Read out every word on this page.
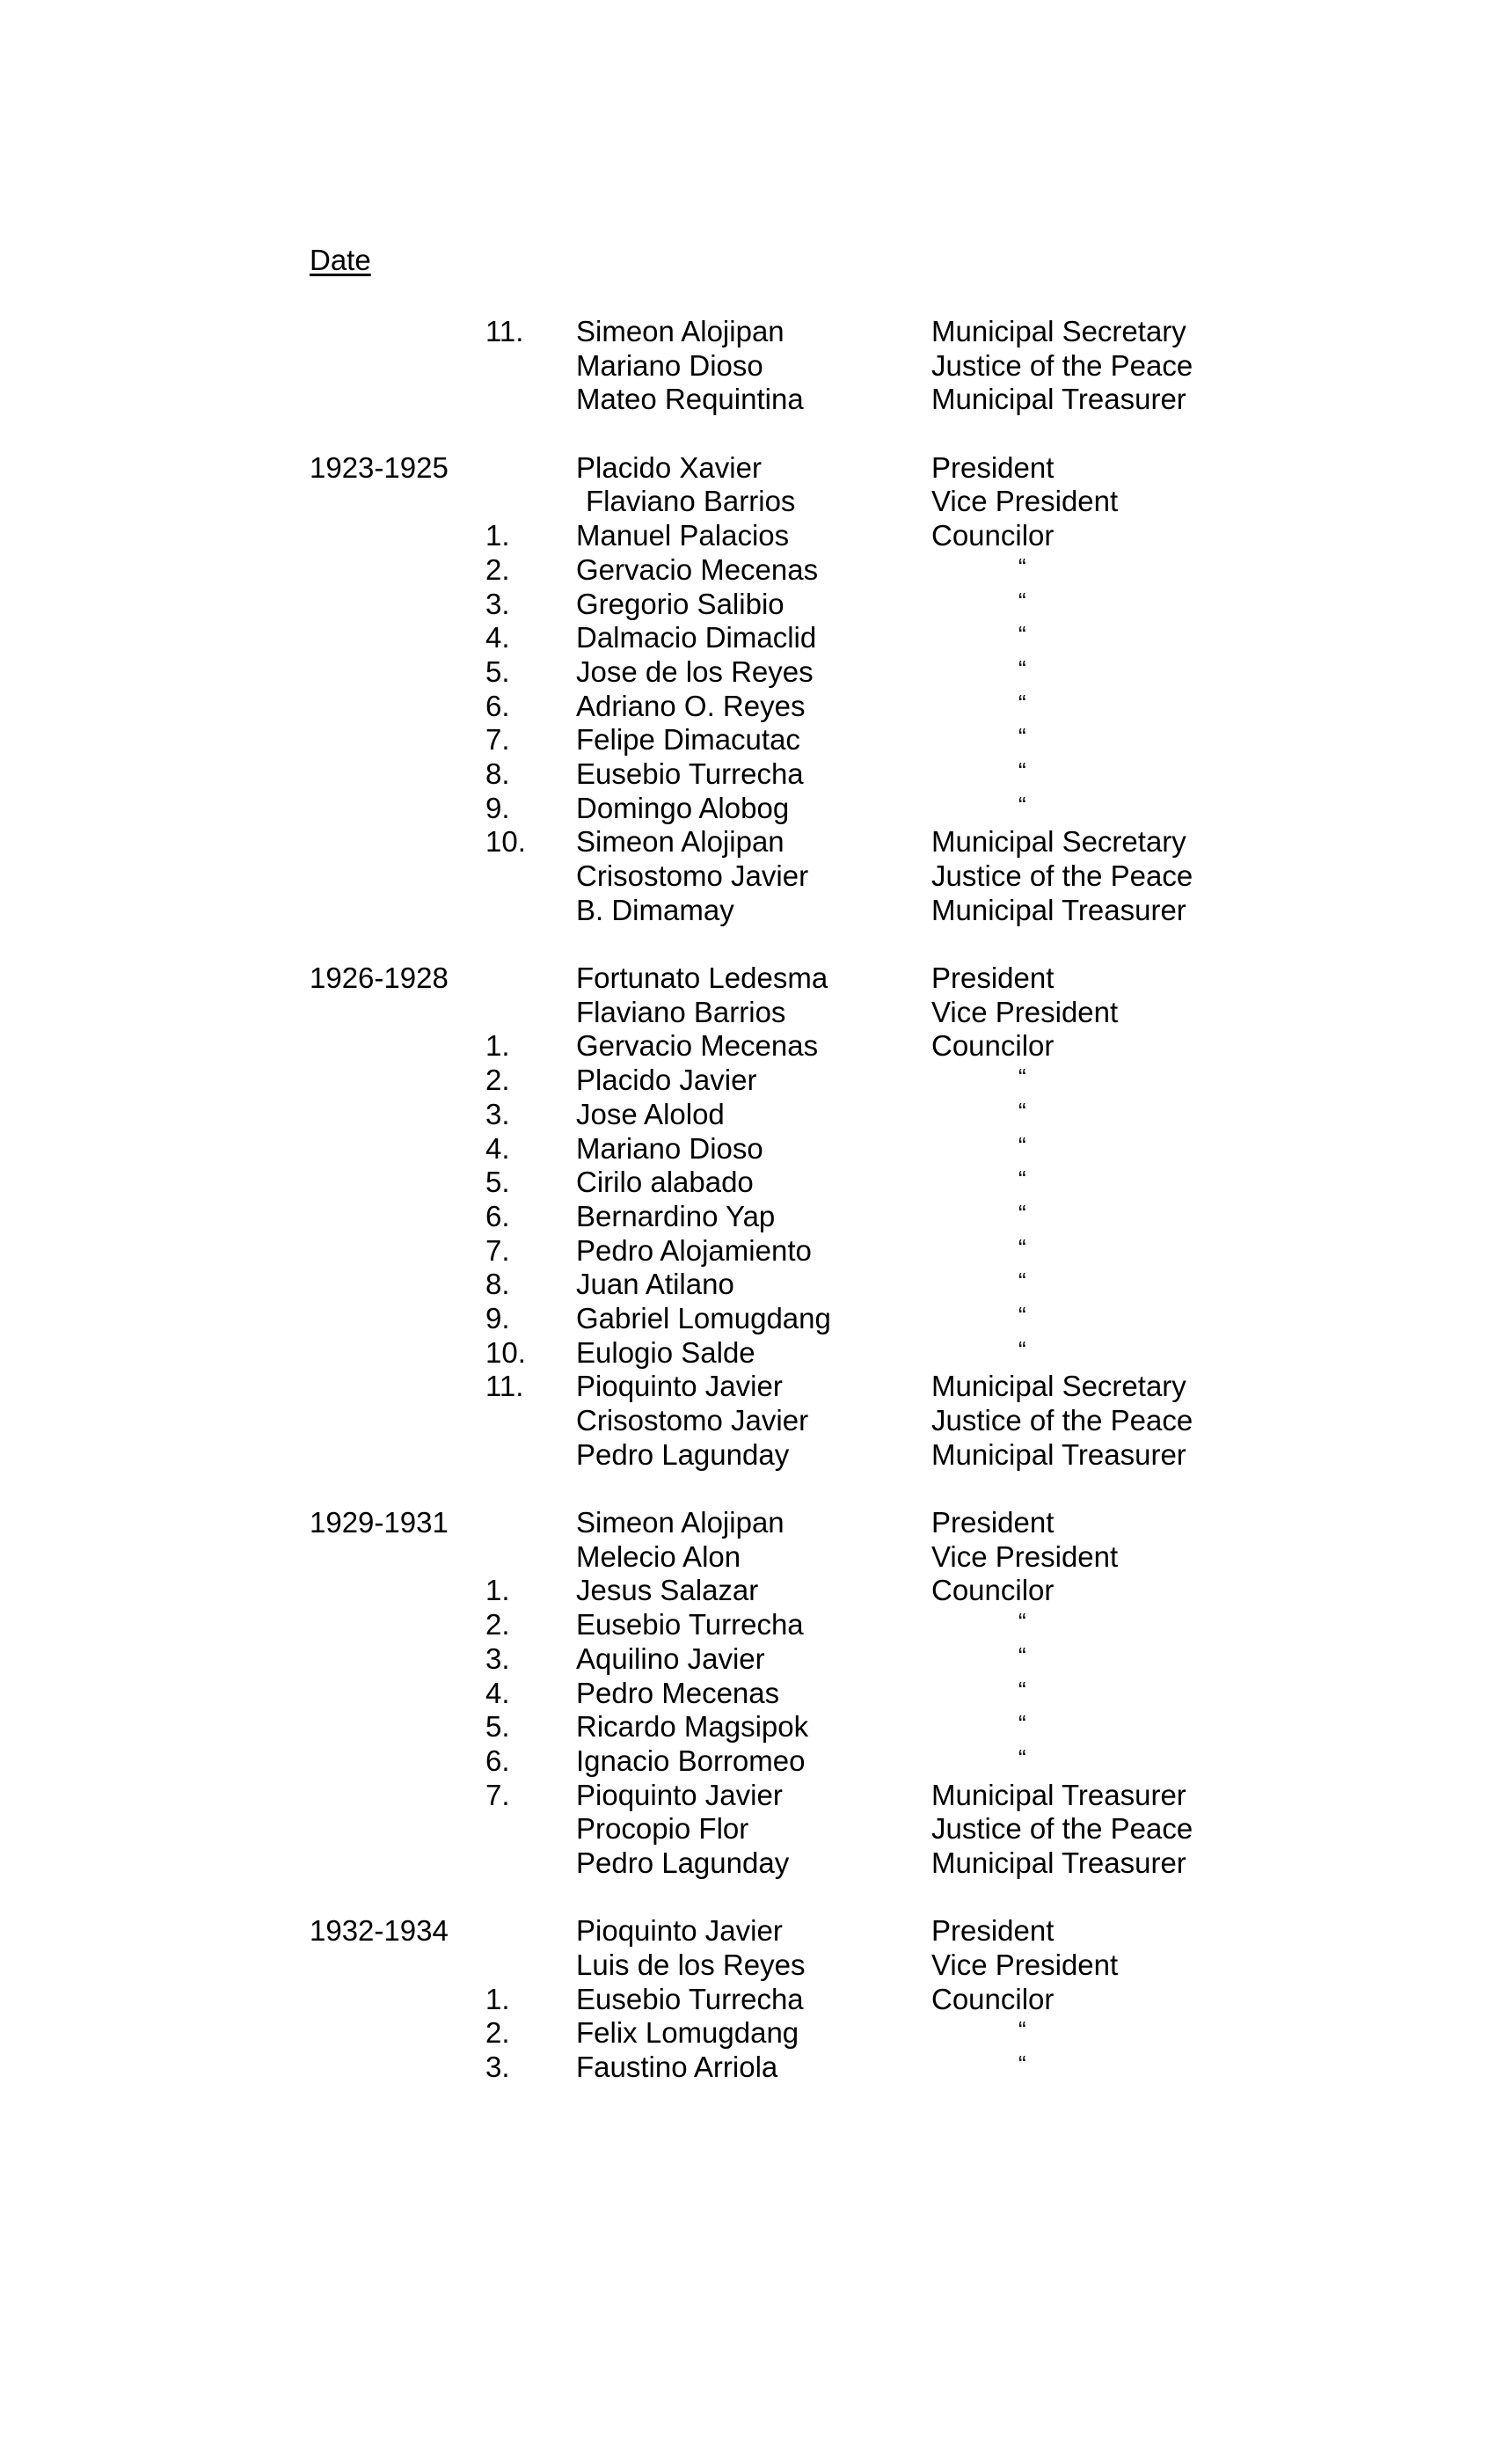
Date
11. Simeon Alojipan	Municipal Secretary
Mariano Dioso	Justice of the Peace
Mateo Requintina	Municipal Treasurer
1923-1925	Placido Xavier	President
Flaviano Barrios	Vice President
1. Manuel Palacios	Councilor
2. Gervacio Mecenas	“
3. Gregorio Salibio	“
4. Dalmacio Dimaclid	“
5. Jose de los Reyes	“
6. Adriano O. Reyes	“
7. Felipe Dimacutac	“
8. Eusebio Turrecha	“
9. Domingo Alobog	“
10. Simeon Alojipan	Municipal Secretary
Crisostomo Javier	Justice of the Peace
B. Dimamay	Municipal Treasurer
1926-1928	Fortunato Ledesma	President
Flaviano Barrios	Vice President
1. Gervacio Mecenas	Councilor
2. Placido Javier	“
3. Jose Alolod	“
4. Mariano Dioso	“
5. Cirilo alabado	“
6. Bernardino Yap	“
7. Pedro Alojamiento	“
8. Juan Atilano	“
9. Gabriel Lomugdang	“
10. Eulogio Salde	“
11. Pioquinto Javier	Municipal Secretary
Crisostomo Javier	Justice of the Peace
Pedro Lagunday	Municipal Treasurer
1929-1931	Simeon Alojipan	President
Melecio Alon	Vice President
1. Jesus Salazar	Councilor
2. Eusebio Turrecha	“
3. Aquilino Javier	“
4. Pedro Mecenas	“
5. Ricardo Magsipok	“
6. Ignacio Borromeo	“
7. Pioquinto Javier	Municipal Treasurer
Procopio Flor	Justice of the Peace
Pedro Lagunday	Municipal Treasurer
1932-1934	Pioquinto Javier	President
Luis de los Reyes	Vice President
1. Eusebio Turrecha	Councilor
2. Felix Lomugdang	“
3. Faustino Arriola	“
